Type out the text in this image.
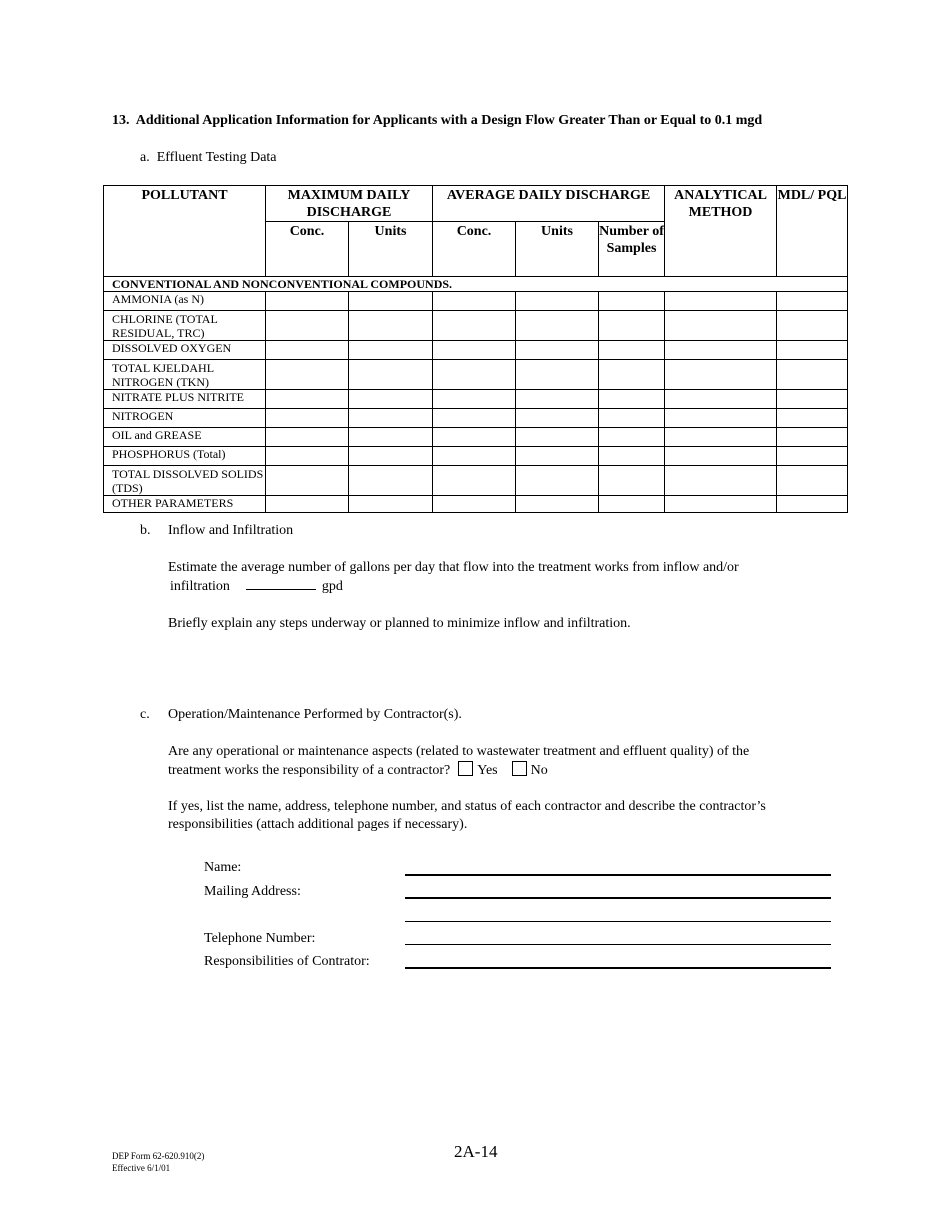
13. Additional Application Information for Applicants with a Design Flow Greater Than or Equal to 0.1 mgd
a. Effluent Testing Data
POLLUTANT	MAXIMUM DAILY DISCHARGE		AVERAGE DAILY DISCHARGE			ANALYTICAL METHOD	MDL/ PQL
	Conc.	Units	Conc.	Units	Number of Samples		
CONVENTIONAL AND NONCONVENTIONAL COMPOUNDS.							
AMMONIA (as N)							
CHLORINE (TOTAL RESIDUAL, TRC)							
DISSOLVED OXYGEN							
TOTAL KJELDAHL NITROGEN (TKN)							
NITRATE PLUS NITRITE							
NITROGEN							
OIL and GREASE							
PHOSPHORUS (Total)							
TOTAL DISSOLVED SOLIDS (TDS)							
OTHER PARAMETERS							
b. Inflow and Infiltration
Estimate the average number of gallons per day that flow into the treatment works from inflow and/or
infiltration	gpd
Briefly explain any steps underway or planned to minimize inflow and infiltration.
c. Operation/Maintenance Performed by Contractor(s).
Are any operational or maintenance aspects (related to wastewater treatment and effluent quality) of the
treatment works the responsibility of a contractor? Yes No
If yes, list the name, address, telephone number, and status of each contractor and describe the contractor’s
responsibilities (attach additional pages if necessary).
Name:
Mailing Address:
Telephone Number:
Responsibilities of Contrator:
DEP Form 62-620.910(2)
Effective 6/1/01
2A-14
